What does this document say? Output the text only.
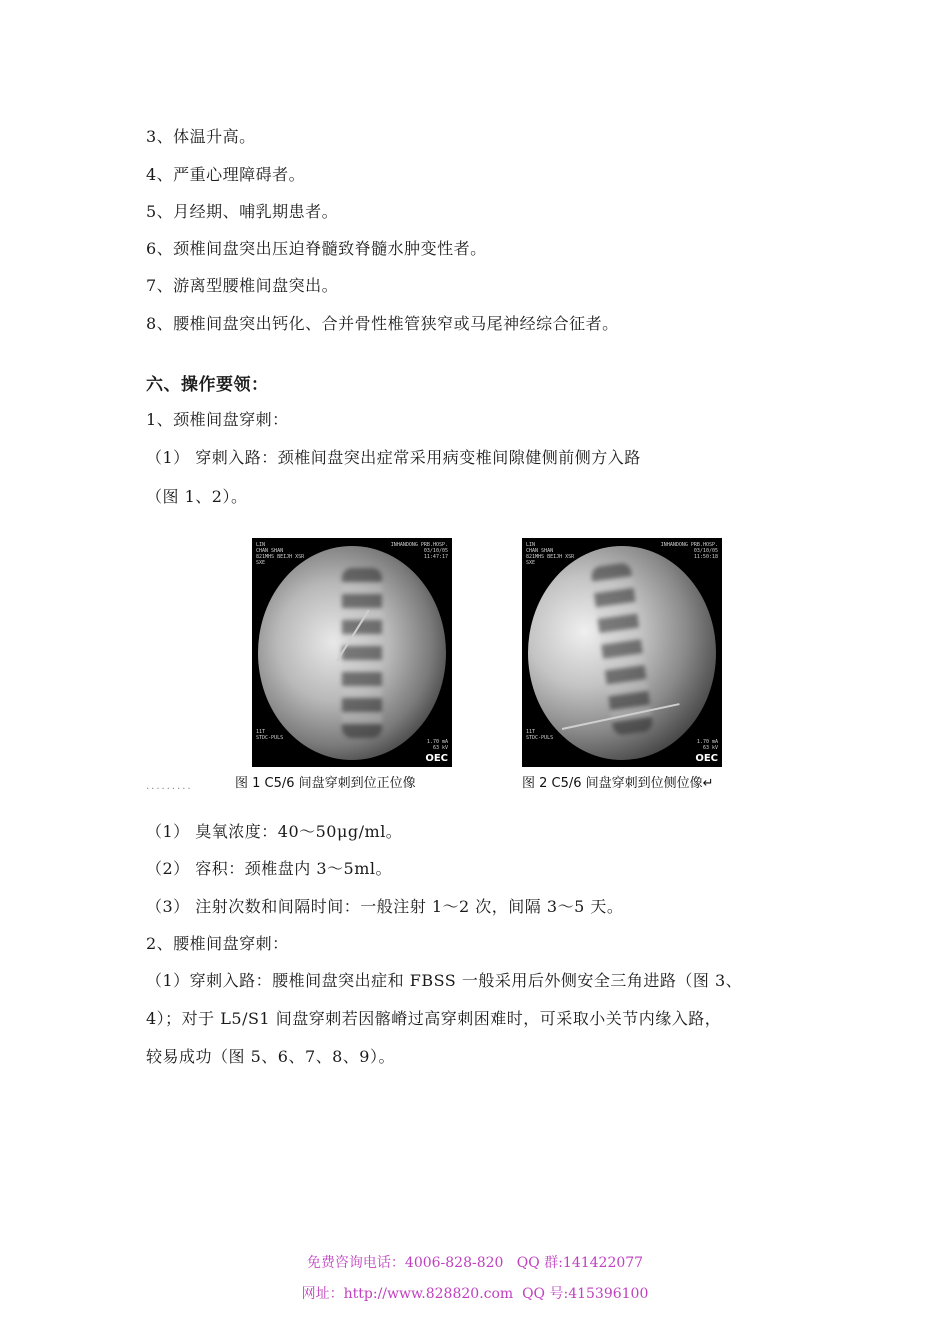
3、体温升高。
4、严重心理障碍者。
5、月经期、哺乳期患者。
6、颈椎间盘突出压迫脊髓致脊髓水肿变性者。
7、游离型腰椎间盘突出。
8、腰椎间盘突出钙化、合并骨性椎管狭窄或马尾神经综合征者。
六、操作要领：
1、颈椎间盘穿刺：
（1） 穿刺入路：颈椎间盘突出症常采用病变椎间隙健侧前侧方入路
（图 1、2）。
LIN
CHAN SHAN
821MHS BEIJH XSR
SXE
INHANDONG PRB.HOSP.
03/10/05
11:47:17
11T
STDC-PULS
1.70 mA
63 kV
OEC
LIN
CHAN SHAN
821MHS BEIJH XSR
SXE
INHANDONG PRB.HOSP.
03/10/05
11:50:18
11T
STDC-PULS
1.70 mA
63 kV
OEC
·········	图 1 C5/6 间盘穿刺到位正位像	图 2 C5/6 间盘穿刺到位侧位像↵
（1） 臭氧浓度：40～50μg/ml。
（2） 容积：颈椎盘内 3～5ml。
（3） 注射次数和间隔时间：一般注射 1～2 次，间隔 3～5 天。
2、腰椎间盘穿刺：
（1）穿刺入路：腰椎间盘突出症和 FBSS 一般采用后外侧安全三角进路（图 3、
4）；对于 L5/S1 间盘穿刺若因髂嵴过高穿刺困难时，可采取小关节内缘入路，
较易成功（图 5、6、7、8、9）。
免费咨询电话：4006-828-820   QQ 群:141422077
网址：http://www.828820.com  QQ 号:415396100
